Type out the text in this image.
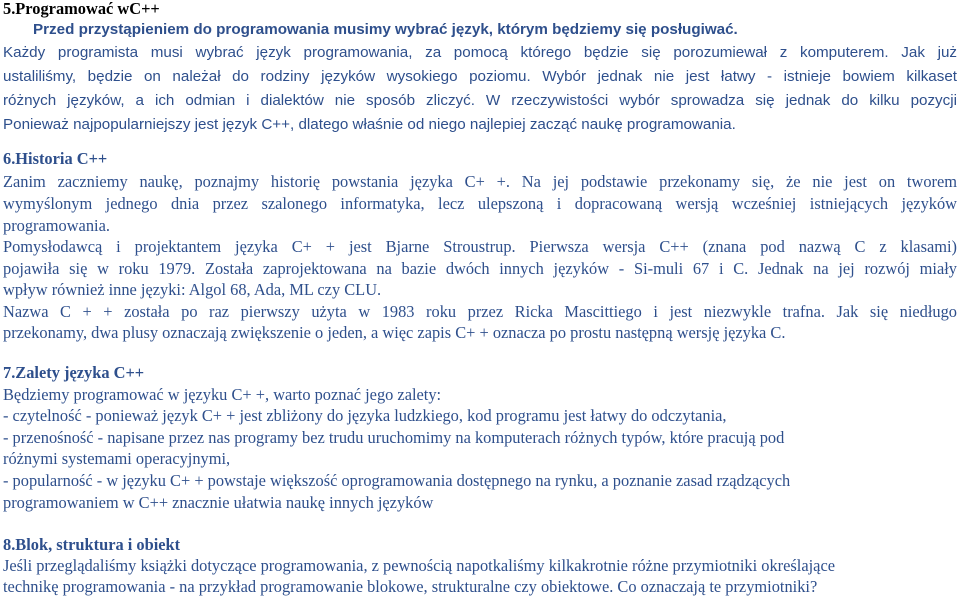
5.Programować wC++
Przed przystąpieniem do programowania musimy wybrać język, którym będziemy się posługiwać.
Każdy programista musi wybrać język programowania, za pomocą którego będzie się porozumiewał z komputerem. Jak już
ustaliliśmy, będzie on należał do rodziny języków wysokiego poziomu. Wybór jednak nie jest łatwy - istnieje bowiem kilkaset
różnych języków, a ich odmian i dialektów nie sposób zliczyć. W rzeczywistości wybór sprowadza się jednak do kilku pozycji
Ponieważ najpopularniejszy jest język C++, dlatego właśnie od niego najlepiej zacząć naukę programowania.
6.Historia C++
Zanim zaczniemy naukę, poznajmy historię powstania języka C+ +. Na jej podstawie przekonamy się, że nie jest on tworem
wymyślonym jednego dnia przez szalonego informatyka, lecz ulepszoną i dopracowaną wersją wcześniej istniejących języków
programowania.
Pomysłodawcą i projektantem języka C+ + jest Bjarne Stroustrup. Pierwsza wersja C++ (znana pod nazwą C z klasami)
pojawiła się w roku 1979. Została zaprojektowana na bazie dwóch innych języków - Si-muli 67 i C. Jednak na jej rozwój miały
wpływ również inne języki: Algol 68, Ada, ML czy CLU.
Nazwa C + + została po raz pierwszy użyta w 1983 roku przez Ricka Mascittiego i jest niezwykle trafna. Jak się niedługo
przekonamy, dwa plusy oznaczają zwiększenie o jeden, a więc zapis C+ + oznacza po prostu następną wersję języka C.
7.Zalety języka C++
Będziemy programować w języku C+ +, warto poznać jego zalety:
- czytelność - ponieważ język C+ + jest zbliżony do języka ludzkiego, kod programu jest łatwy do odczytania,
- przenośność - napisane przez nas programy bez trudu uruchomimy na komputerach różnych typów, które pracują pod
różnymi systemami operacyjnymi,
- popularność - w języku C+ + powstaje większość oprogramowania dostępnego na rynku, a poznanie zasad rządzących
programowaniem w C++ znacznie ułatwia naukę innych języków
8.Blok, struktura i obiekt
Jeśli przeglądaliśmy książki dotyczące programowania, z pewnością napotkaliśmy kilkakrotnie różne przymiotniki określające
technikę programowania - na przykład programowanie blokowe, strukturalne czy obiektowe. Co oznaczają te przymiotniki?
